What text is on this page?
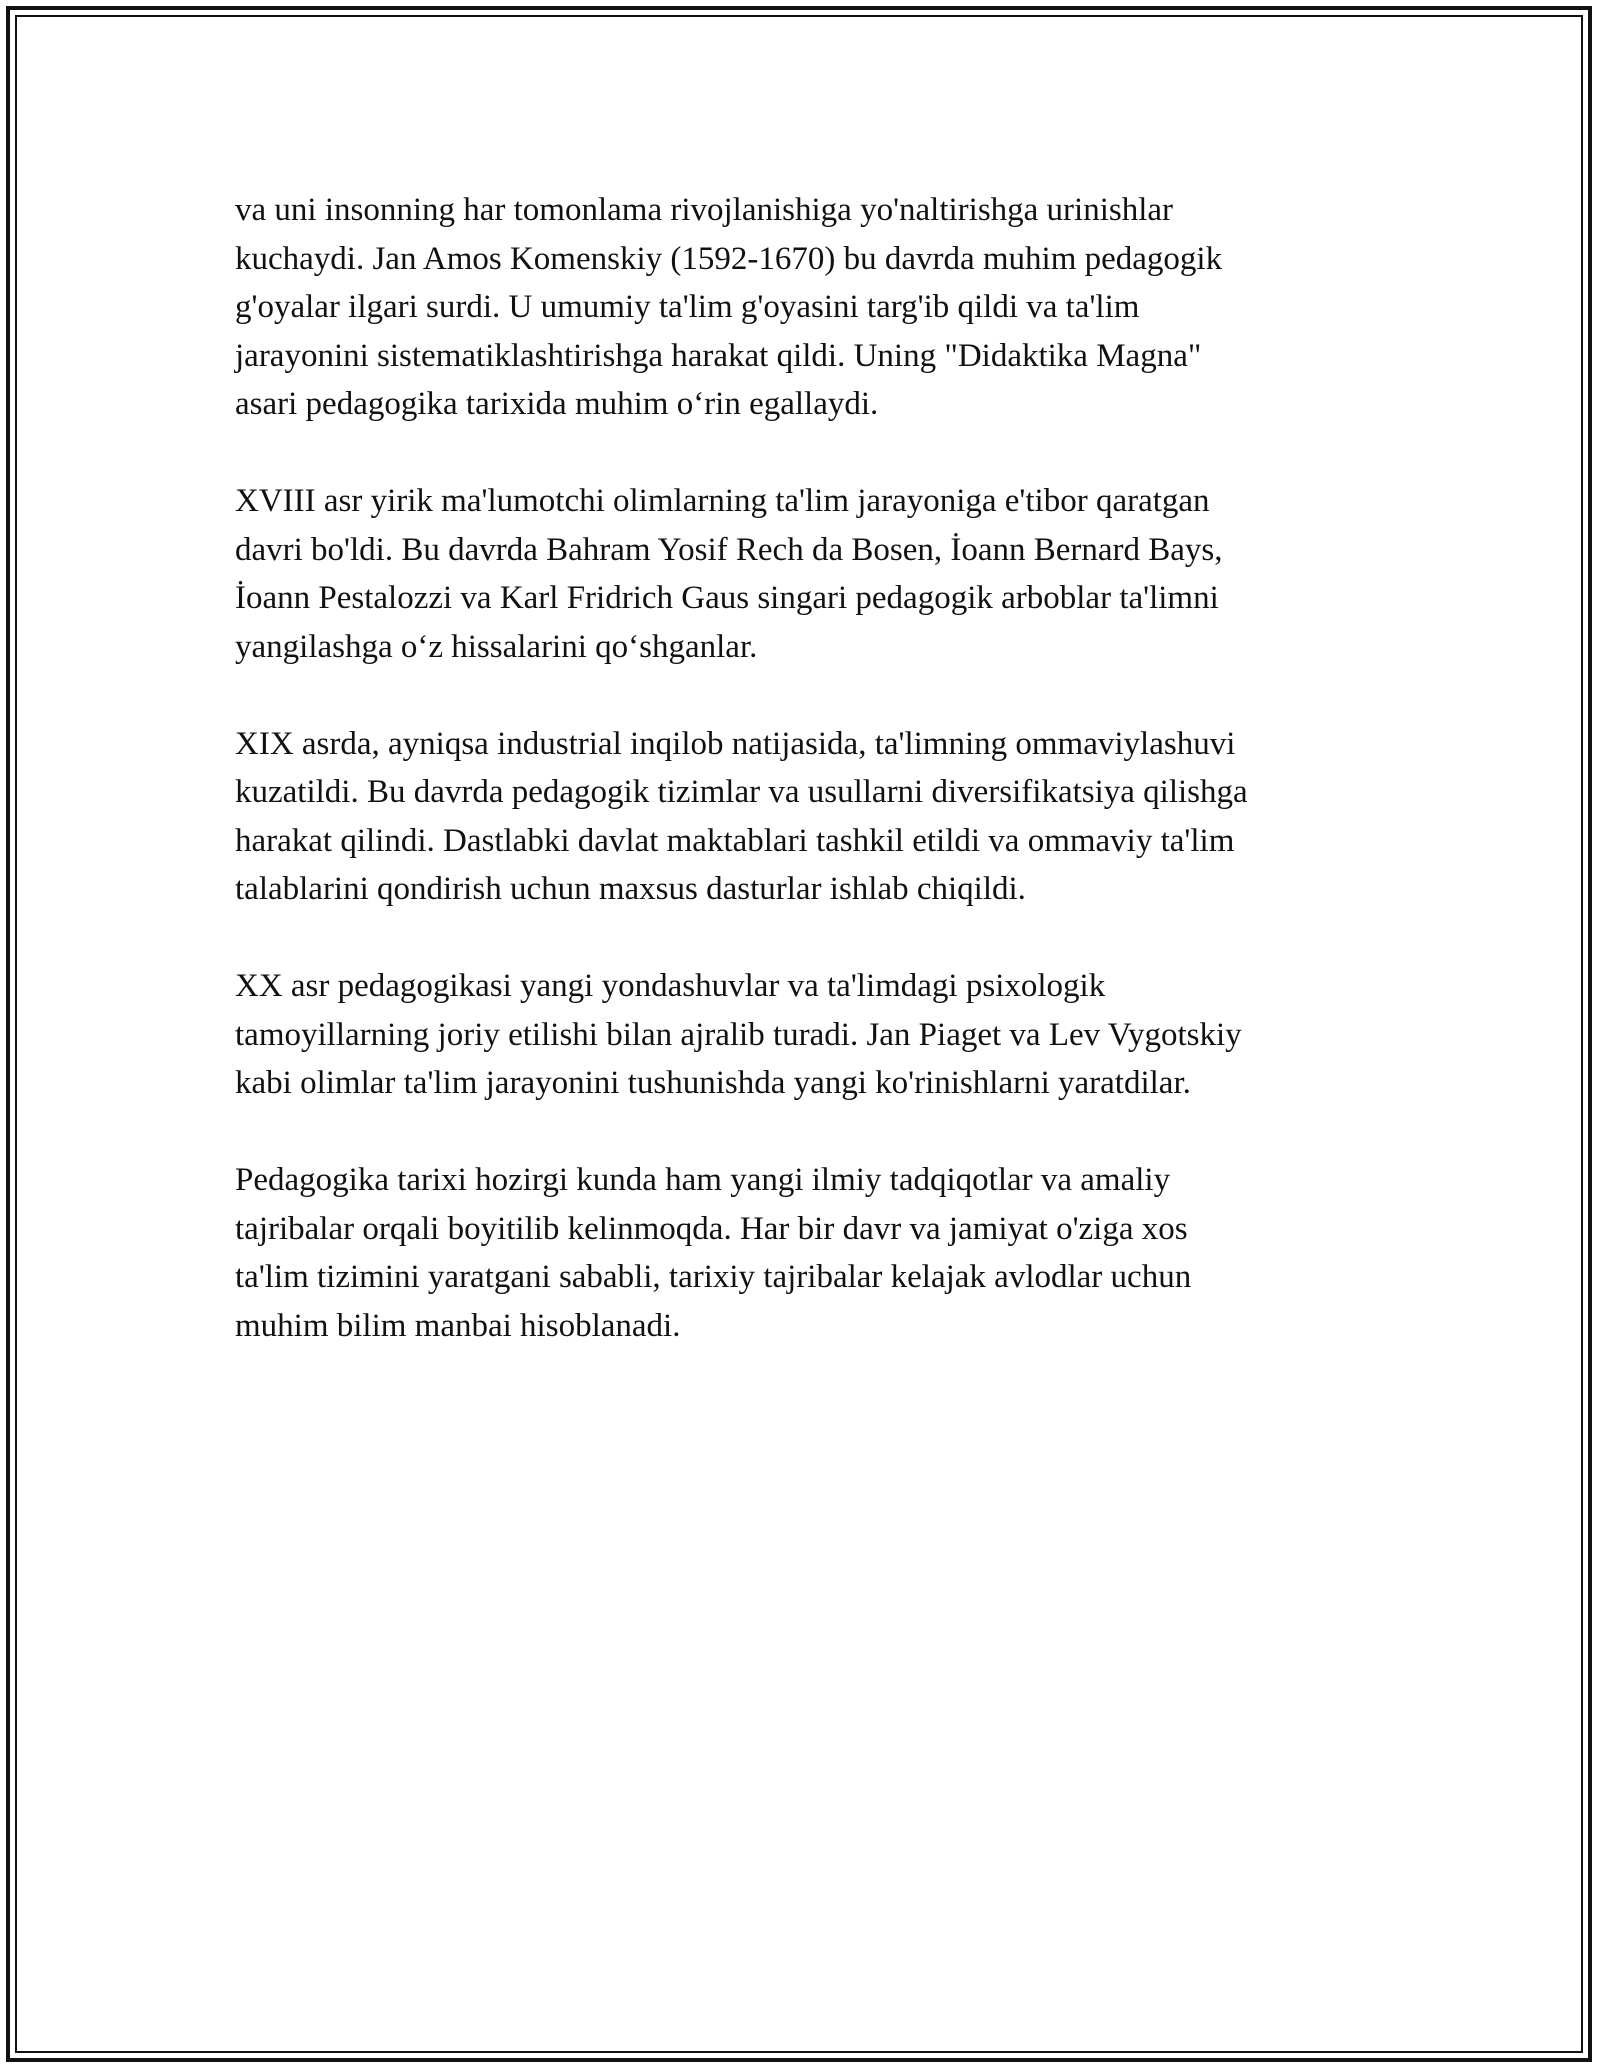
va uni insonning har tomonlama rivojlanishiga yo'naltirishga urinishlar
kuchaydi. Jan Amos Komenskiy (1592-1670) bu davrda muhim pedagogik
g'oyalar ilgari surdi. U umumiy ta'lim g'oyasini targ'ib qildi va ta'lim
jarayonini sistematiklashtirishga harakat qildi. Uning "Didaktika Magna"
asari pedagogika tarixida muhim o‘rin egallaydi.

XVIII asr yirik ma'lumotchi olimlarning ta'lim jarayoniga e'tibor qaratgan
davri bo'ldi. Bu davrda Bahram Yosif Rech da Bosen, İoann Bernard Bays,
İoann Pestalozzi va Karl Fridrich Gaus singari pedagogik arboblar ta'limni
yangilashga o‘z hissalarini qo‘shganlar.

XIX asrda, ayniqsa industrial inqilob natijasida, ta'limning ommaviylashuvi
kuzatildi. Bu davrda pedagogik tizimlar va usullarni diversifikatsiya qilishga
harakat qilindi. Dastlabki davlat maktablari tashkil etildi va ommaviy ta'lim
talablarini qondirish uchun maxsus dasturlar ishlab chiqildi.

XX asr pedagogikasi yangi yondashuvlar va ta'limdagi psixologik
tamoyillarning joriy etilishi bilan ajralib turadi. Jan Piaget va Lev Vygotskiy
kabi olimlar ta'lim jarayonini tushunishda yangi ko'rinishlarni yaratdilar.

Pedagogika tarixi hozirgi kunda ham yangi ilmiy tadqiqotlar va amaliy
tajribalar orqali boyitilib kelinmoqda. Har bir davr va jamiyat o'ziga xos
ta'lim tizimini yaratgani sababli, tarixiy tajribalar kelajak avlodlar uchun
muhim bilim manbai hisoblanadi.
